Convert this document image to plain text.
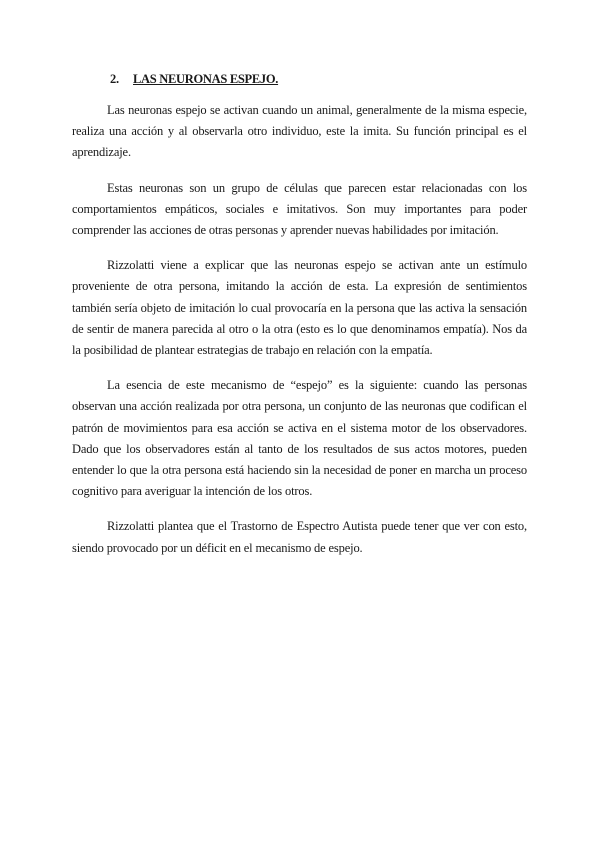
2. LAS NEURONAS ESPEJO.

Las neuronas espejo se activan cuando un animal, generalmente de la misma especie, realiza una acción y al observarla otro individuo, este la imita. Su función principal es el aprendizaje.

Estas neuronas son un grupo de células que parecen estar relacionadas con los comportamientos empáticos, sociales e imitativos. Son muy importantes para poder comprender las acciones de otras personas y aprender nuevas habilidades por imitación.

Rizzolatti viene a explicar que las neuronas espejo se activan ante un estímulo proveniente de otra persona, imitando la acción de esta. La expresión de sentimientos también sería objeto de imitación lo cual provocaría en la persona que las activa la sensación de sentir de manera parecida al otro o la otra (esto es lo que denominamos empatía). Nos da la posibilidad de plantear estrategias de trabajo en relación con la empatía.

La esencia de este mecanismo de “espejo” es la siguiente: cuando las personas observan una acción realizada por otra persona, un conjunto de las neuronas que codifican el patrón de movimientos para esa acción se activa en el sistema motor de los observadores. Dado que los observadores están al tanto de los resultados de sus actos motores, pueden entender lo que la otra persona está haciendo sin la necesidad de poner en marcha un proceso cognitivo para averiguar la intención de los otros.

Rizzolatti plantea que el Trastorno de Espectro Autista puede tener que ver con esto, siendo provocado por un déficit en el mecanismo de espejo.
